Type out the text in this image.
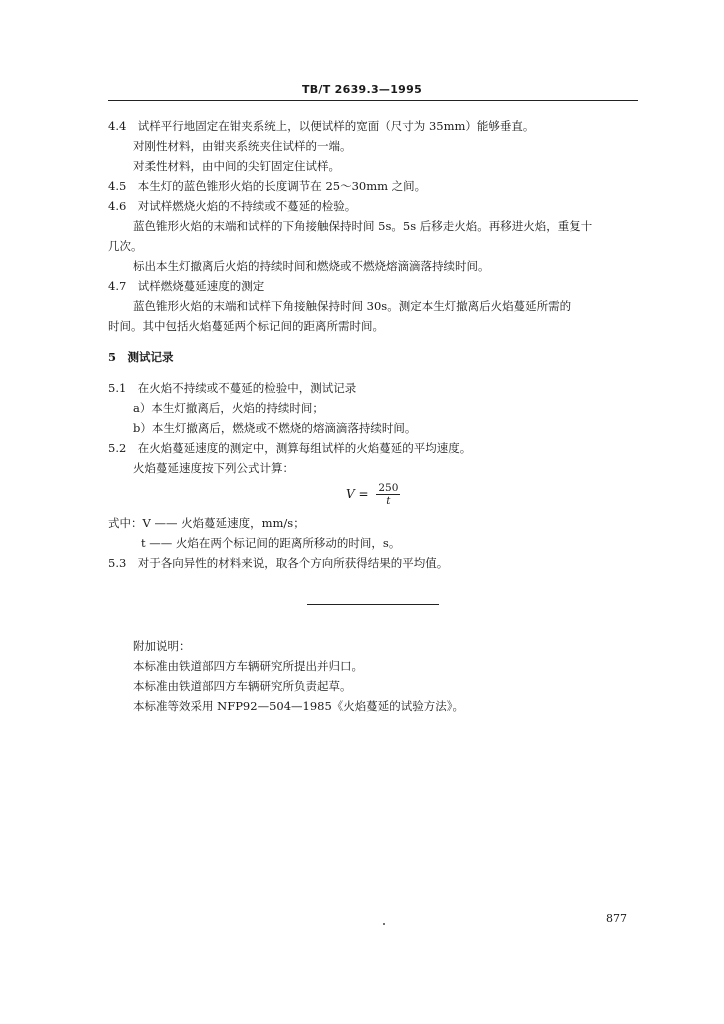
TB/T 2639.3—1995
4.4　试样平行地固定在钳夹系统上，以便试样的宽面（尺寸为 35mm）能够垂直。
对刚性材料，由钳夹系统夹住试样的一端。
对柔性材料，由中间的尖钉固定住试样。
4.5　本生灯的蓝色锥形火焰的长度调节在 25～30mm 之间。
4.6　对试样燃烧火焰的不持续或不蔓延的检验。
蓝色锥形火焰的末端和试样的下角接触保持时间 5s。5s 后移走火焰。再移进火焰，重复十
几次。
标出本生灯撤离后火焰的持续时间和燃烧或不燃烧熔滴滴落持续时间。
4.7　试样燃烧蔓延速度的测定
蓝色锥形火焰的末端和试样下角接触保持时间 30s。测定本生灯撤离后火焰蔓延所需的
时间。其中包括火焰蔓延两个标记间的距离所需时间。
5　测试记录
5.1　在火焰不持续或不蔓延的检验中，测试记录
a）本生灯撤离后，火焰的持续时间；
b）本生灯撤离后，燃烧或不燃烧的熔滴滴落持续时间。
5.2　在火焰蔓延速度的测定中，测算每组试样的火焰蔓延的平均速度。
火焰蔓延速度按下列公式计算：
$V = \frac{250}{t}$
式中：V —— 火焰蔓延速度，mm/s；
t —— 火焰在两个标记间的距离所移动的时间，s。
5.3　对于各向异性的材料来说，取各个方向所获得结果的平均值。
附加说明：
本标准由铁道部四方车辆研究所提出并归口。
本标准由铁道部四方车辆研究所负责起草。
本标准等效采用 NFP92—504—1985《火焰蔓延的试验方法》。
877
